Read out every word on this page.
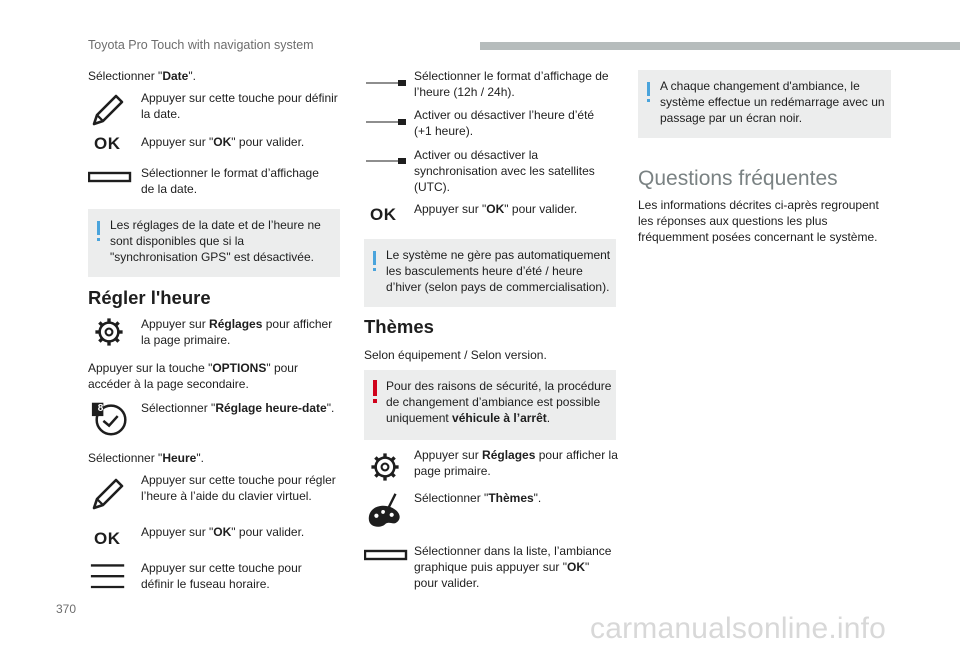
Toyota Pro Touch with navigation system
Sélectionner "Date".
Appuyer sur cette touche pour définir la date.
OK Appuyer sur "OK" pour valider.
Sélectionner le format d’affichage de la date.
Les réglages de la date et de l’heure ne sont disponibles que si la "synchronisation GPS" est désactivée.
Régler l'heure
Appuyer sur Réglages pour afficher la page primaire.
Appuyer sur la touche "OPTIONS" pour accéder à la page secondaire.
8	Sélectionner "Réglage heure-date".
Sélectionner "Heure".
Appuyer sur cette touche pour régler l’heure à l’aide du clavier virtuel.
OK Appuyer sur "OK" pour valider.
Appuyer sur cette touche pour définir le fuseau horaire.
Sélectionner le format d’affichage de l’heure (12h / 24h).
Activer ou désactiver l’heure d’été (+1 heure).
Activer ou désactiver la synchronisation avec les satellites (UTC).
OK Appuyer sur "OK" pour valider.
Le système ne gère pas automatiquement les basculements heure d’été / heure d’hiver (selon pays de commercialisation).
Thèmes
Selon équipement / Selon version.
Pour des raisons de sécurité, la procédure de changement d’ambiance est possible uniquement véhicule à l’arrêt.
Appuyer sur Réglages pour afficher la page primaire.
Sélectionner "Thèmes".
Sélectionner dans la liste, l’ambiance graphique puis appuyer sur "OK" pour valider.
A chaque changement d'ambiance, le système effectue un redémarrage avec un passage par un écran noir.
Questions fréquentes
Les informations décrites ci-après regroupent les réponses aux questions les plus fréquemment posées concernant le système.
370
carmanualsonline.info
